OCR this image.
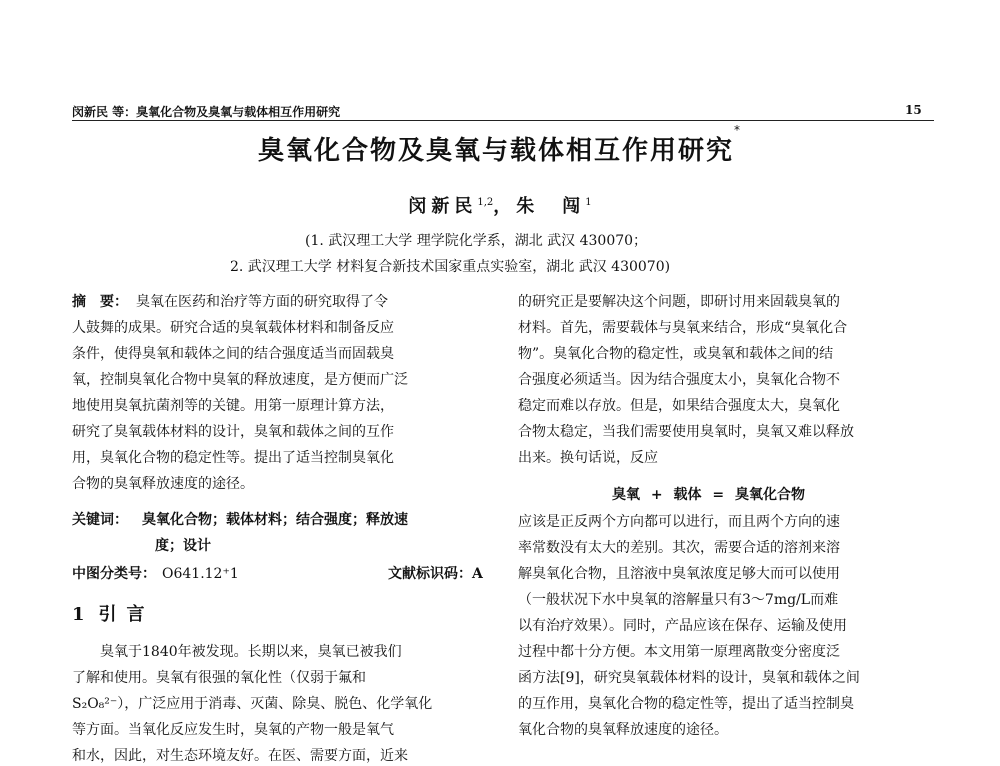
闵新民 等：臭氧化合物及臭氧与载体相互作用研究	15
臭氧化合物及臭氧与载体相互作用研究*
闵新民$^{1,2}$，朱　闯$^1$
(1. 武汉理工大学 理学院化学系，湖北 武汉 430070；
2. 武汉理工大学 材料复合新技术国家重点实验室，湖北 武汉 430070)
摘　要： 臭氧在医药和治疗等方面的研究取得了令
人鼓舞的成果。研究合适的臭氧载体材料和制备反应
条件，使得臭氧和载体之间的结合强度适当而固载臭
氧，控制臭氧化合物中臭氧的释放速度，是方便而广泛
地使用臭氧抗菌剂等的关键。用第一原理计算方法，
研究了臭氧载体材料的设计，臭氧和载体之间的互作
用，臭氧化合物的稳定性等。提出了适当控制臭氧化
合物的臭氧释放速度的途径。
关键词： 臭氧化合物；载体材料；结合强度；释放速
度；设计
中图分类号： O641.12⁺1	文献标识码：A
1 引言
臭氧于1840年被发现。长期以来，臭氧已被我们
了解和使用。臭氧有很强的氧化性（仅弱于氟和
S₂O₈²⁻），广泛应用于消毒、灭菌、除臭、脱色、化学氧化
等方面。当氧化反应发生时，臭氧的产物一般是氧气
和水，因此，对生态环境友好。在医、需要方面，近来
的研究正是要解决这个问题，即研讨用来固载臭氧的
材料。首先，需要载体与臭氧来结合，形成“臭氧化合
物”。臭氧化合物的稳定性，或臭氧和载体之间的结
合强度必须适当。因为结合强度太小，臭氧化合物不
稳定而难以存放。但是，如果结合强度太大，臭氧化
合物太稳定，当我们需要使用臭氧时，臭氧又难以释放
出来。换句话说，反应
臭氧 + 载体 = 臭氧化合物
应该是正反两个方向都可以进行，而且两个方向的速
率常数没有太大的差别。其次，需要合适的溶剂来溶
解臭氧化合物，且溶液中臭氧浓度足够大而可以使用
（一般状况下水中臭氧的溶解量只有3～7mg/L而难
以有治疗效果）。同时，产品应该在保存、运输及使用
过程中都十分方便。本文用第一原理离散变分密度泛
函方法[9]，研究臭氧载体材料的设计，臭氧和载体之间
的互作用，臭氧化合物的稳定性等，提出了适当控制臭
氧化合物的臭氧释放速度的途径。
